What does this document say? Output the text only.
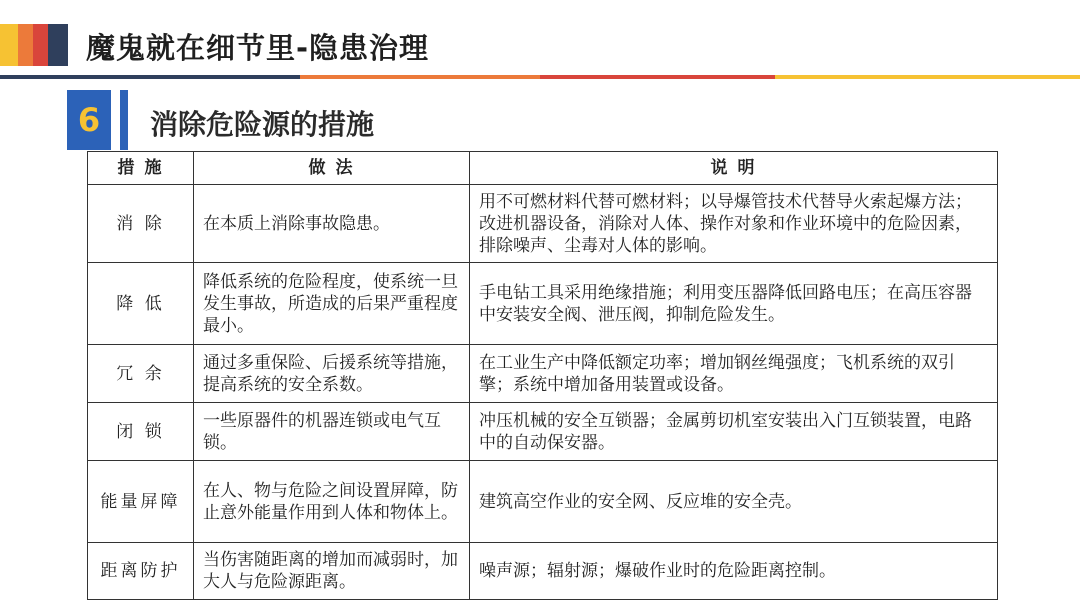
魔鬼就在细节里-隐患治理
6	消除危险源的措施
措 施	做 法	说 明
消 除	在本质上消除事故隐患。	用不可燃材料代替可燃材料；以导爆管技术代替导火索起爆方法；改进机器设备，消除对人体、操作对象和作业环境中的危险因素，排除噪声、尘毒对人体的影响。
降 低	降低系统的危险程度，使系统一旦发生事故，所造成的后果严重程度最小。	手电钻工具采用绝缘措施；利用变压器降低回路电压；在高压容器中安装安全阀、泄压阀，抑制危险发生。
冗 余	通过多重保险、后援系统等措施，提高系统的安全系数。	在工业生产中降低额定功率；增加钢丝绳强度；飞机系统的双引擎；系统中增加备用装置或设备。
闭 锁	一些原器件的机器连锁或电气互锁。	冲压机械的安全互锁器；金属剪切机室安装出入门互锁装置，电路中的自动保安器。
能量屏障	在人、物与危险之间设置屏障，防止意外能量作用到人体和物体上。	建筑高空作业的安全网、反应堆的安全壳。
距离防护	当伤害随距离的增加而减弱时，加大人与危险源距离。	噪声源；辐射源；爆破作业时的危险距离控制。
